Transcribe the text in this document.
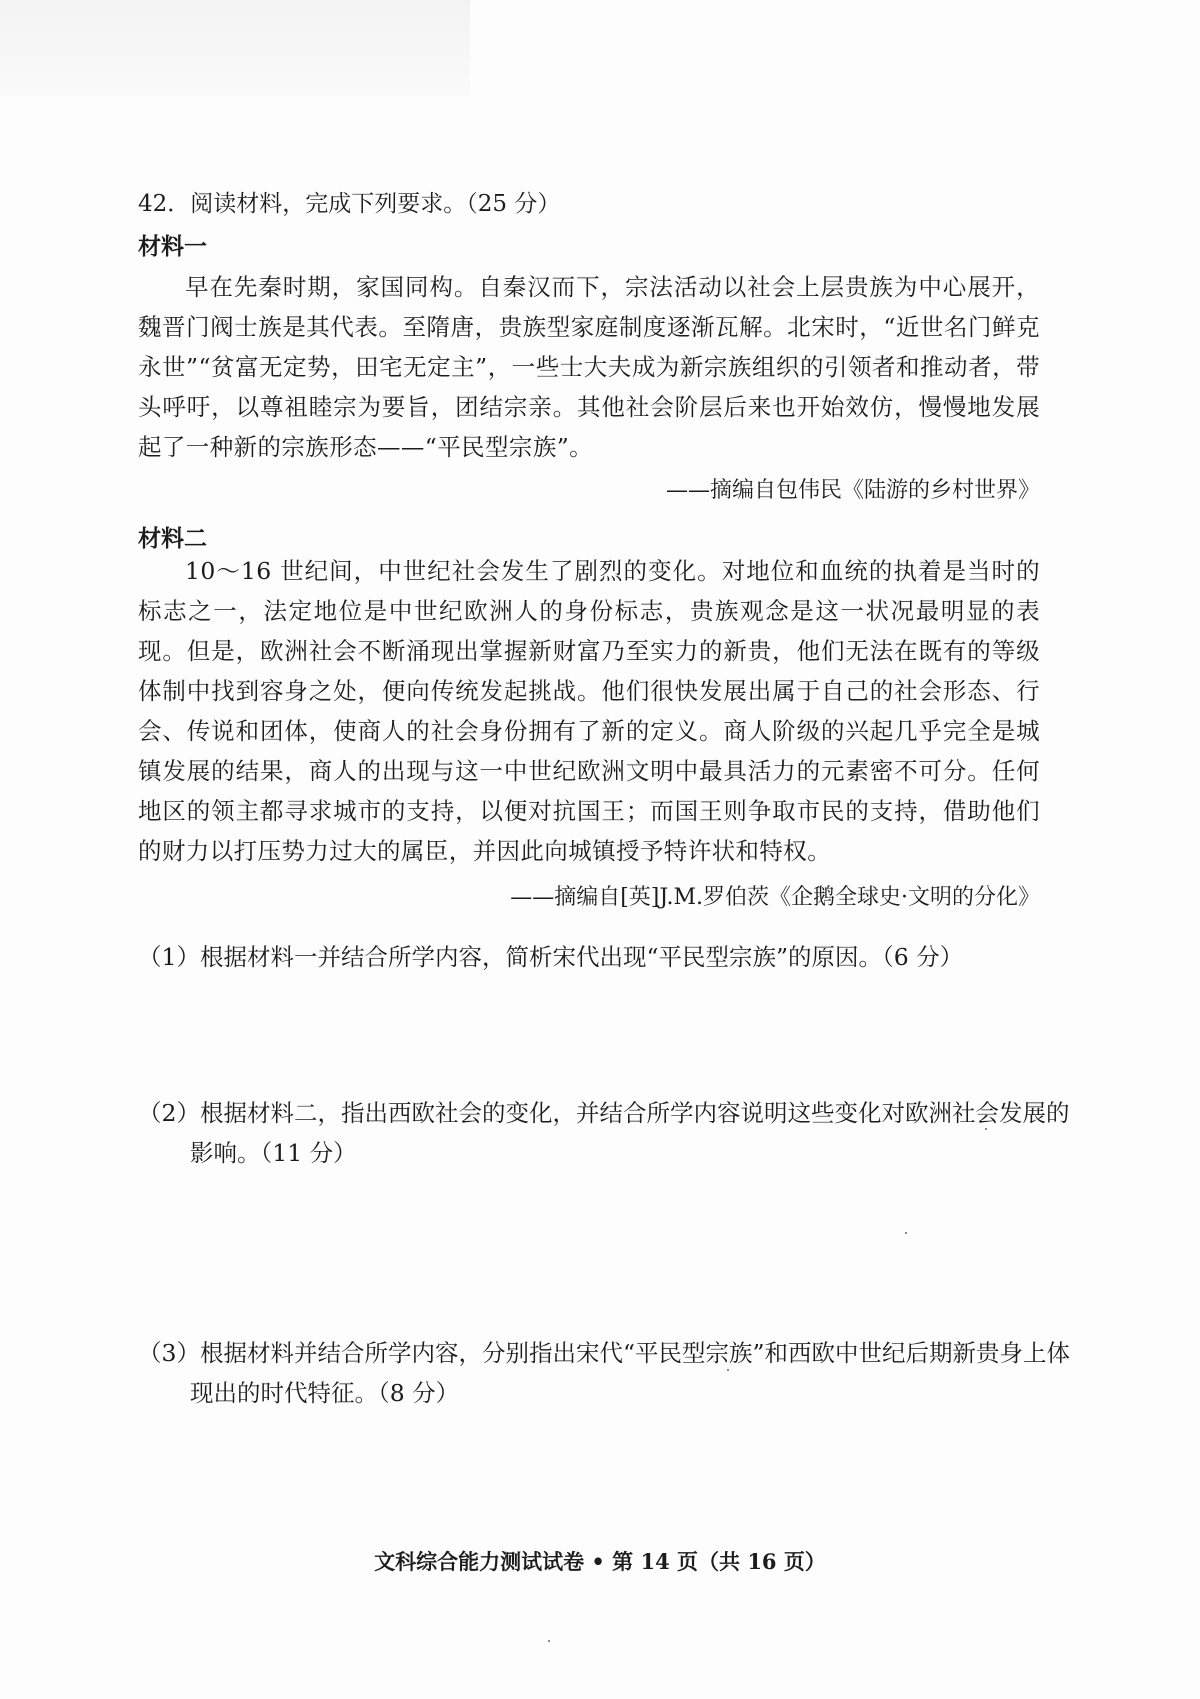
42．阅读材料，完成下列要求。（25 分）
材料一
早在先秦时期，家国同构。自秦汉而下，宗法活动以社会上层贵族为中心展开，魏晋门阀士族是其代表。至隋唐，贵族型家庭制度逐渐瓦解。北宋时，“近世名门鲜克永世”“贫富无定势，田宅无定主”，一些士大夫成为新宗族组织的引领者和推动者，带头呼吁，以尊祖睦宗为要旨，团结宗亲。其他社会阶层后来也开始效仿，慢慢地发展起了一种新的宗族形态——“平民型宗族”。
——摘编自包伟民《陆游的乡村世界》
材料二
10～16 世纪间，中世纪社会发生了剧烈的变化。对地位和血统的执着是当时的标志之一，法定地位是中世纪欧洲人的身份标志，贵族观念是这一状况最明显的表现。但是，欧洲社会不断涌现出掌握新财富乃至实力的新贵，他们无法在既有的等级体制中找到容身之处，便向传统发起挑战。他们很快发展出属于自己的社会形态、行会、传说和团体，使商人的社会身份拥有了新的定义。商人阶级的兴起几乎完全是城镇发展的结果，商人的出现与这一中世纪欧洲文明中最具活力的元素密不可分。任何地区的领主都寻求城市的支持，以便对抗国王；而国王则争取市民的支持，借助他们的财力以打压势力过大的属臣，并因此向城镇授予特许状和特权。
——摘编自[英]J.M.罗伯茨《企鹅全球史·文明的分化》
（1）根据材料一并结合所学内容，简析宋代出现“平民型宗族”的原因。（6 分）
（2）根据材料二，指出西欧社会的变化，并结合所学内容说明这些变化对欧洲社会发展的影响。（11 分）
（3）根据材料并结合所学内容，分别指出宋代“平民型宗族”和西欧中世纪后期新贵身上体现出的时代特征。（8 分）
文科综合能力测试试卷 • 第 14 页（共 16 页）
